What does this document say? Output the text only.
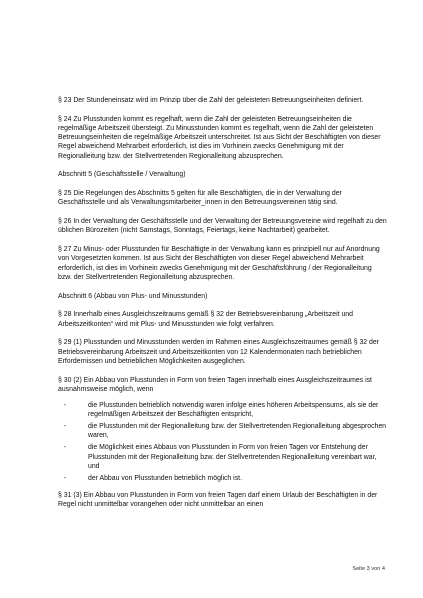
§ 23 Der Stundeneinsatz wird im Prinzip über die Zahl der geleisteten Betreuungseinheiten definiert.

§ 24 Zu Plusstunden kommt es regelhaft, wenn die Zahl der geleisteten Betreuungseinheiten die regelmäßige Arbeitszeit übersteigt. Zu Minusstunden kommt es regelhaft, wenn die Zahl der geleisteten Betreuungseinheiten die regelmäßige Arbeitszeit unterschreitet. Ist aus Sicht der Beschäftigten von dieser Regel abweichend Mehrarbeit erforderlich, ist dies im Vorhinein zwecks Genehmigung mit der Regionalleitung bzw. der Stellvertretenden Regionalleitung abzusprechen.

Abschnitt 5 (Geschäftsstelle / Verwaltung)

§ 25 Die Regelungen des Abschnitts 5 gelten für alle Beschäftigten, die in der Verwaltung der Geschäftsstelle und als Verwaltungsmitarbeiter_innen in den Betreuungsvereinen tätig sind.

§ 26 In der Verwaltung der Geschäftsstelle und der Verwaltung der Betreuungsvereine wird regelhaft zu den üblichen Bürozeiten (nicht Samstags, Sonntags, Feiertags, keine Nachtarbeit) gearbeitet.

§ 27 Zu Minus- oder Plusstunden für Beschäftigte in der Verwaltung kann es prinzipiell nur auf Anordnung von Vorgesetzten kommen. Ist aus Sicht der Beschäftigten von dieser Regel abweichend Mehrarbeit erforderlich, ist dies im Vorhinein zwecks Genehmigung mit der Geschäftsführung / der Regionalleitung bzw. der Stellvertretenden Regionalleitung abzusprechen.

Abschnitt 6 (Abbau von Plus- und Minusstunden)

§ 28 Innerhalb eines Ausgleichszeitraums gemäß § 32 der Betriebsvereinbarung „Arbeitszeit und Arbeitszeitkonten“ wird mit Plus- und Minusstunden wie folgt verfahren.

§ 29 (1) Plusstunden und Minusstunden werden im Rahmen eines Ausgleichszeitraumes gemäß § 32 der Betriebsvereinbarung Arbeitszeit und Arbeitszeitkonten von 12 Kalendermonaten nach betrieblichen Erfordernissen und betrieblichen Möglichkeiten ausgeglichen.

§ 30 (2) Ein Abbau von Plusstunden in Form von freien Tagen innerhalb eines Ausgleichszeitraumes ist ausnahmsweise möglich, wenn

-	die Plusstunden betrieblich notwendig waren infolge eines höheren Arbeitspensums, als sie der regelmäßigen Arbeitszeit der Beschäftigten entspricht,
-	die Plusstunden mit der Regionalleitung bzw. der Stellvertretenden Regionalleitung abgesprochen waren,
-	die Möglichkeit eines Abbaus von Plusstunden in Form von freien Tagen vor Entstehung der Plusstunden mit der Regionalleitung bzw. der Stellvertretenden Regionalleitung vereinbart war, und
-	der Abbau von Plusstunden betrieblich möglich ist.

§ 31 (3) Ein Abbau von Plusstunden in Form von freien Tagen darf einem Urlaub der Beschäftigten in der Regel nicht unmittelbar vorangehen oder nicht unmittelbar an einen

Seite 3 von 4
